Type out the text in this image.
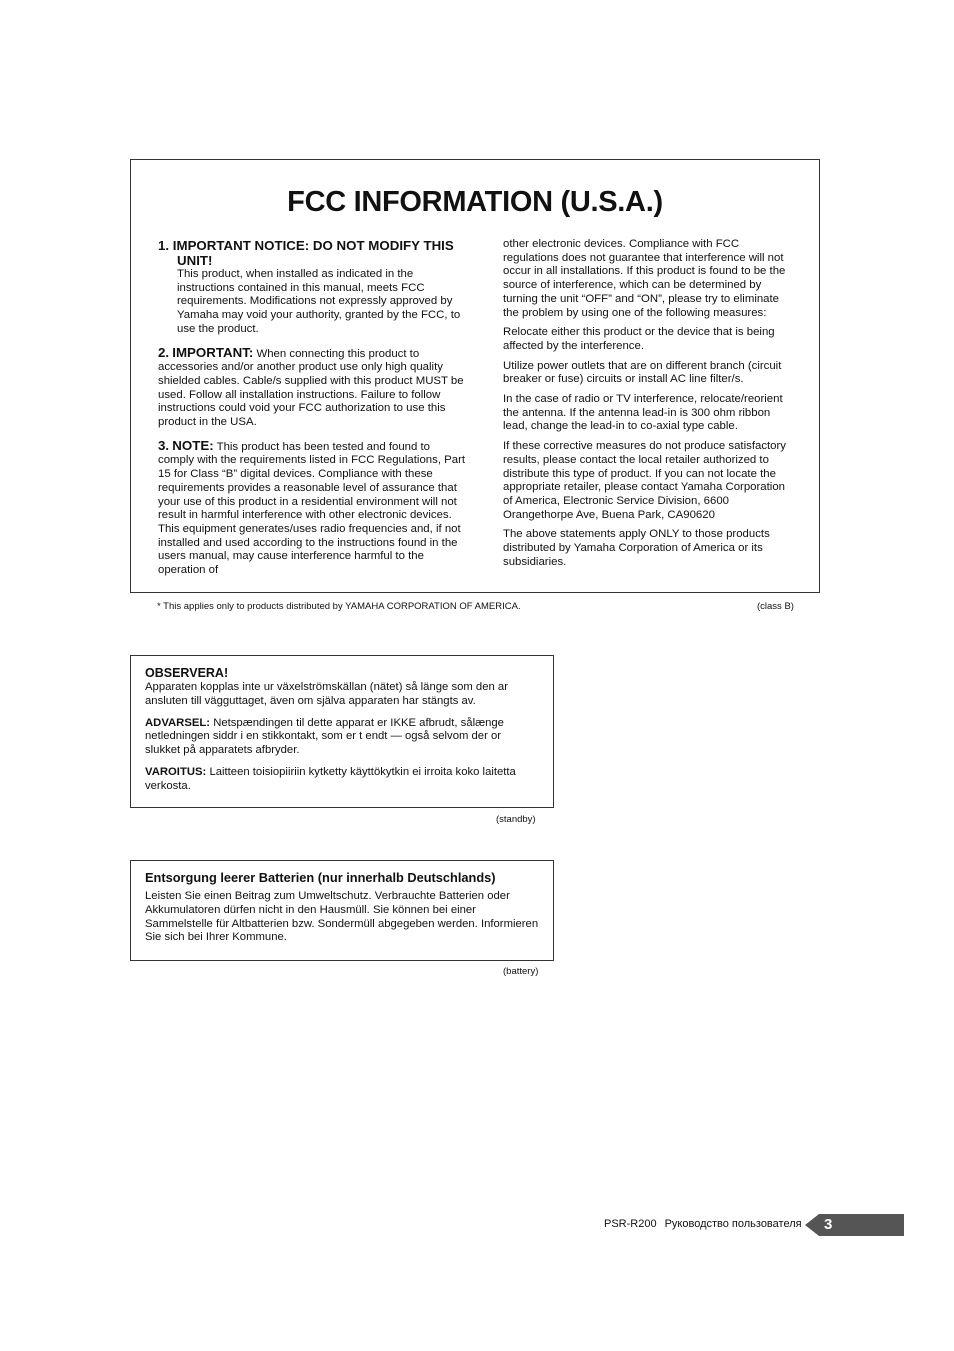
FCC INFORMATION (U.S.A.)
1. IMPORTANT NOTICE: DO NOT MODIFY THIS UNIT!
This product, when installed as indicated in the instructions contained in this manual, meets FCC requirements. Modifications not expressly approved by Yamaha may void your authority, granted by the FCC, to use the product.
2. IMPORTANT: When connecting this product to accessories and/or another product use only high quality shielded cables. Cable/s supplied with this product MUST be used. Follow all installation instructions. Failure to follow instructions could void your FCC authorization to use this product in the USA.
3. NOTE: This product has been tested and found to comply with the requirements listed in FCC Regulations, Part 15 for Class “B” digital devices. Compliance with these requirements provides a reasonable level of assurance that your use of this product in a residential environment will not result in harmful interference with other electronic devices. This equipment generates/uses radio frequencies and, if not installed and used according to the instructions found in the users manual, may cause interference harmful to the operation of

other electronic devices. Compliance with FCC regulations does not guarantee that interference will not occur in all installations. If this product is found to be the source of interference, which can be determined by turning the unit “OFF” and “ON”, please try to eliminate the problem by using one of the following measures:

Relocate either this product or the device that is being affected by the interference.

Utilize power outlets that are on different branch (circuit breaker or fuse) circuits or install AC line filter/s.

In the case of radio or TV interference, relocate/reorient the antenna. If the antenna lead-in is 300 ohm ribbon lead, change the lead-in to co-axial type cable.

If these corrective measures do not produce satisfactory results, please contact the local retailer authorized to distribute this type of product. If you can not locate the appropriate retailer, please contact Yamaha Corporation of America, Electronic Service Division, 6600 Orangethorpe Ave, Buena Park, CA90620

The above statements apply ONLY to those products distributed by Yamaha Corporation of America or its subsidiaries.

* This applies only to products distributed by YAMAHA CORPORATION OF AMERICA.	(class B)
OBSERVERA!

Apparaten kopplas inte ur växelströmskällan (nätet) så länge som den ar ansluten till vägguttaget, även om själva apparaten har stängts av.

ADVARSEL: Netspændingen til dette apparat er IKKE afbrudt, sålænge netledningen siddr i en stikkontakt, som er t endt — også selvom der or slukket på apparatets afbryder.

VAROITUS: Laitteen toisiopiiriin kytketty käyttökytkin ei irroita koko laitetta verkosta.

(standby)
Entsorgung leerer Batterien (nur innerhalb Deutschlands)

Leisten Sie einen Beitrag zum Umweltschutz. Verbrauchte Batterien oder Akkumulatoren dürfen nicht in den Hausmüll. Sie können bei einer Sammelstelle für Altbatterien bzw. Sondermüll abgegeben werden. Informieren Sie sich bei Ihrer Kommune.

(battery)
PSR-R200 Руководство пользователя	3
